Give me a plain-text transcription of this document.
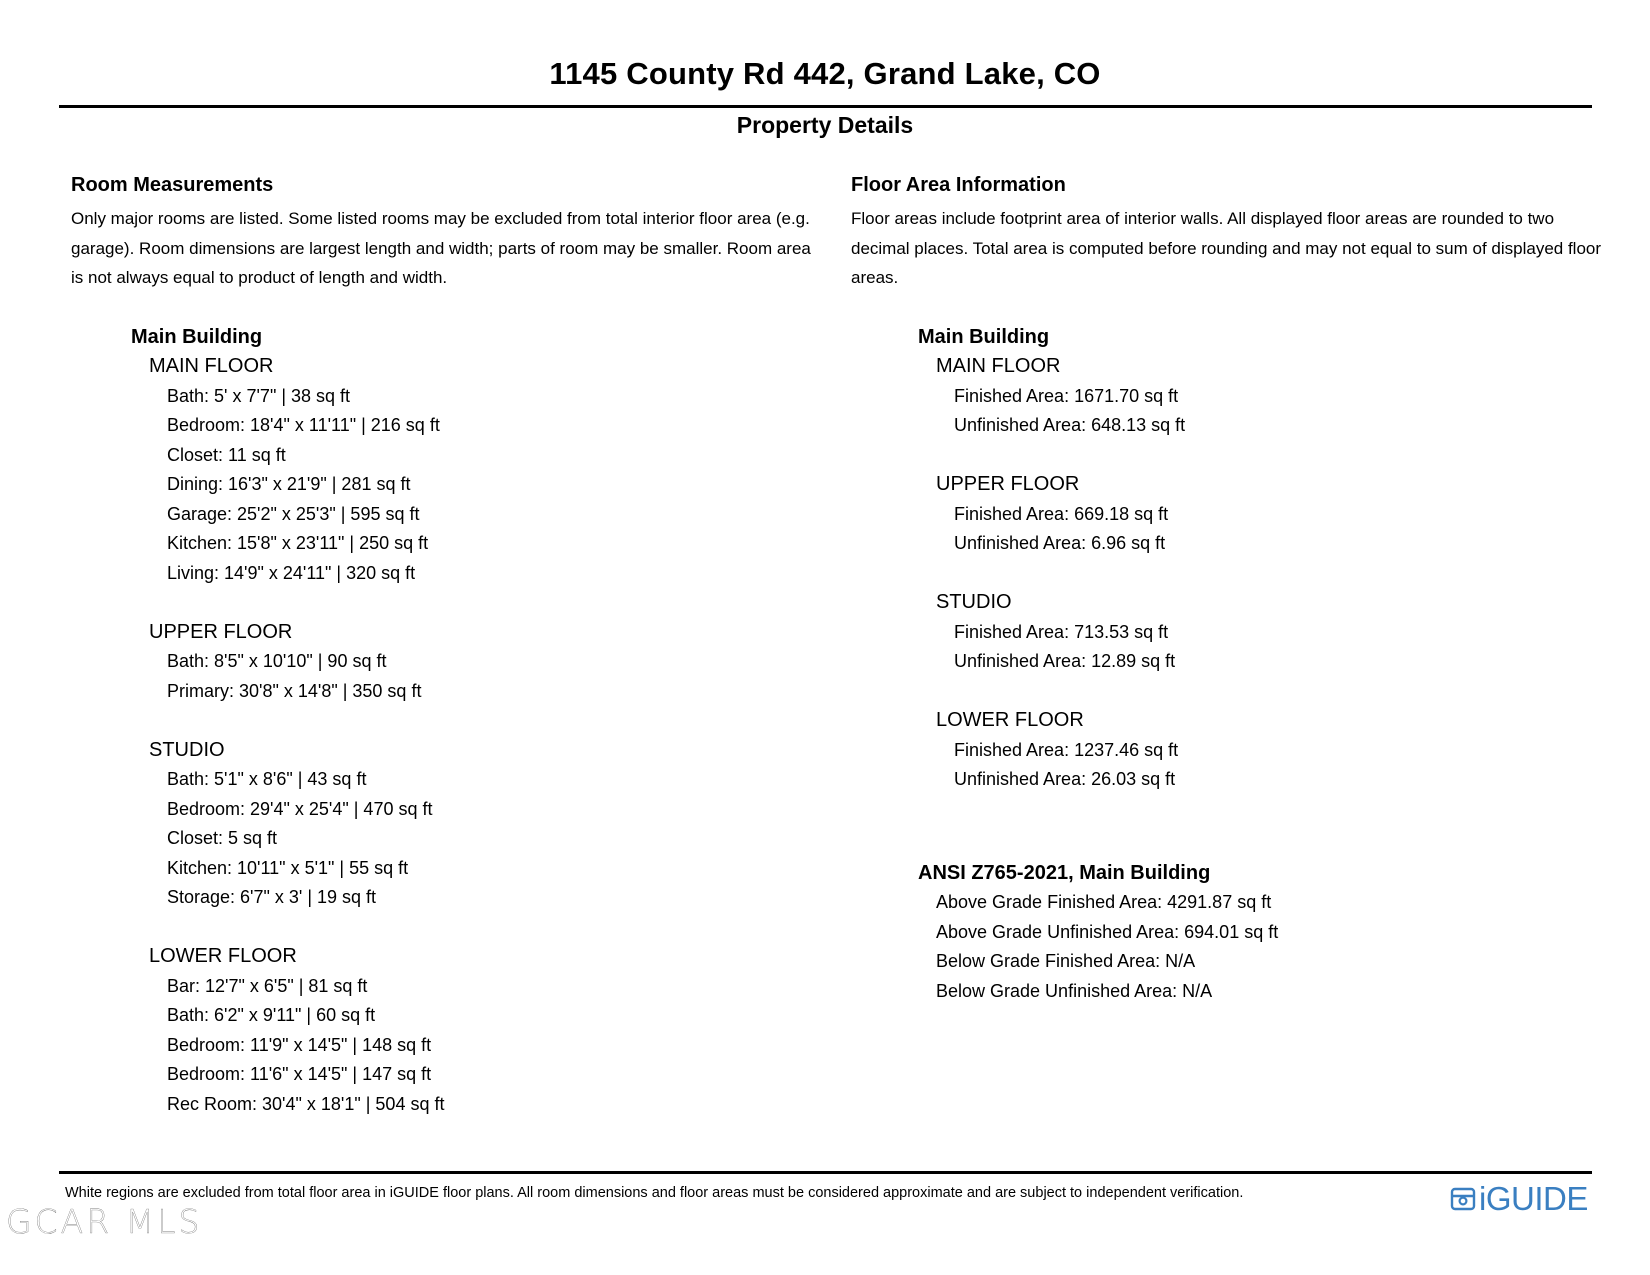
1145 County Rd 442, Grand Lake, CO
Property Details
Room Measurements

Only major rooms are listed. Some listed rooms may be excluded from total interior floor area (e.g. garage). Room dimensions are largest length and width; parts of room may be smaller. Room area is not always equal to product of length and width.

Main Building
MAIN FLOOR
Bath: 5' x 7'7" | 38 sq ft
Bedroom: 18'4" x 11'11" | 216 sq ft
Closet: 11 sq ft
Dining: 16'3" x 21'9" | 281 sq ft
Garage: 25'2" x 25'3" | 595 sq ft
Kitchen: 15'8" x 23'11" | 250 sq ft
Living: 14'9" x 24'11" | 320 sq ft
UPPER FLOOR
Bath: 8'5" x 10'10" | 90 sq ft
Primary: 30'8" x 14'8" | 350 sq ft
STUDIO
Bath: 5'1" x 8'6" | 43 sq ft
Bedroom: 29'4" x 25'4" | 470 sq ft
Closet: 5 sq ft
Kitchen: 10'11" x 5'1" | 55 sq ft
Storage: 6'7" x 3' | 19 sq ft
LOWER FLOOR
Bar: 12'7" x 6'5" | 81 sq ft
Bath: 6'2" x 9'11" | 60 sq ft
Bedroom: 11'9" x 14'5" | 148 sq ft
Bedroom: 11'6" x 14'5" | 147 sq ft
Rec Room: 30'4" x 18'1" | 504 sq ft
Floor Area Information

Floor areas include footprint area of interior walls. All displayed floor areas are rounded to two decimal places. Total area is computed before rounding and may not equal to sum of displayed floor areas.

Main Building
MAIN FLOOR
Finished Area: 1671.70 sq ft
Unfinished Area: 648.13 sq ft
UPPER FLOOR
Finished Area: 669.18 sq ft
Unfinished Area: 6.96 sq ft
STUDIO
Finished Area: 713.53 sq ft
Unfinished Area: 12.89 sq ft
LOWER FLOOR
Finished Area: 1237.46 sq ft
Unfinished Area: 26.03 sq ft
ANSI Z765-2021, Main Building
Above Grade Finished Area: 4291.87 sq ft
Above Grade Unfinished Area: 694.01 sq ft
Below Grade Finished Area: N/A
Below Grade Unfinished Area: N/A
White regions are excluded from total floor area in iGUIDE floor plans. All room dimensions and floor areas must be considered approximate and are subject to independent verification.
GCAR MLS
iGUIDE
